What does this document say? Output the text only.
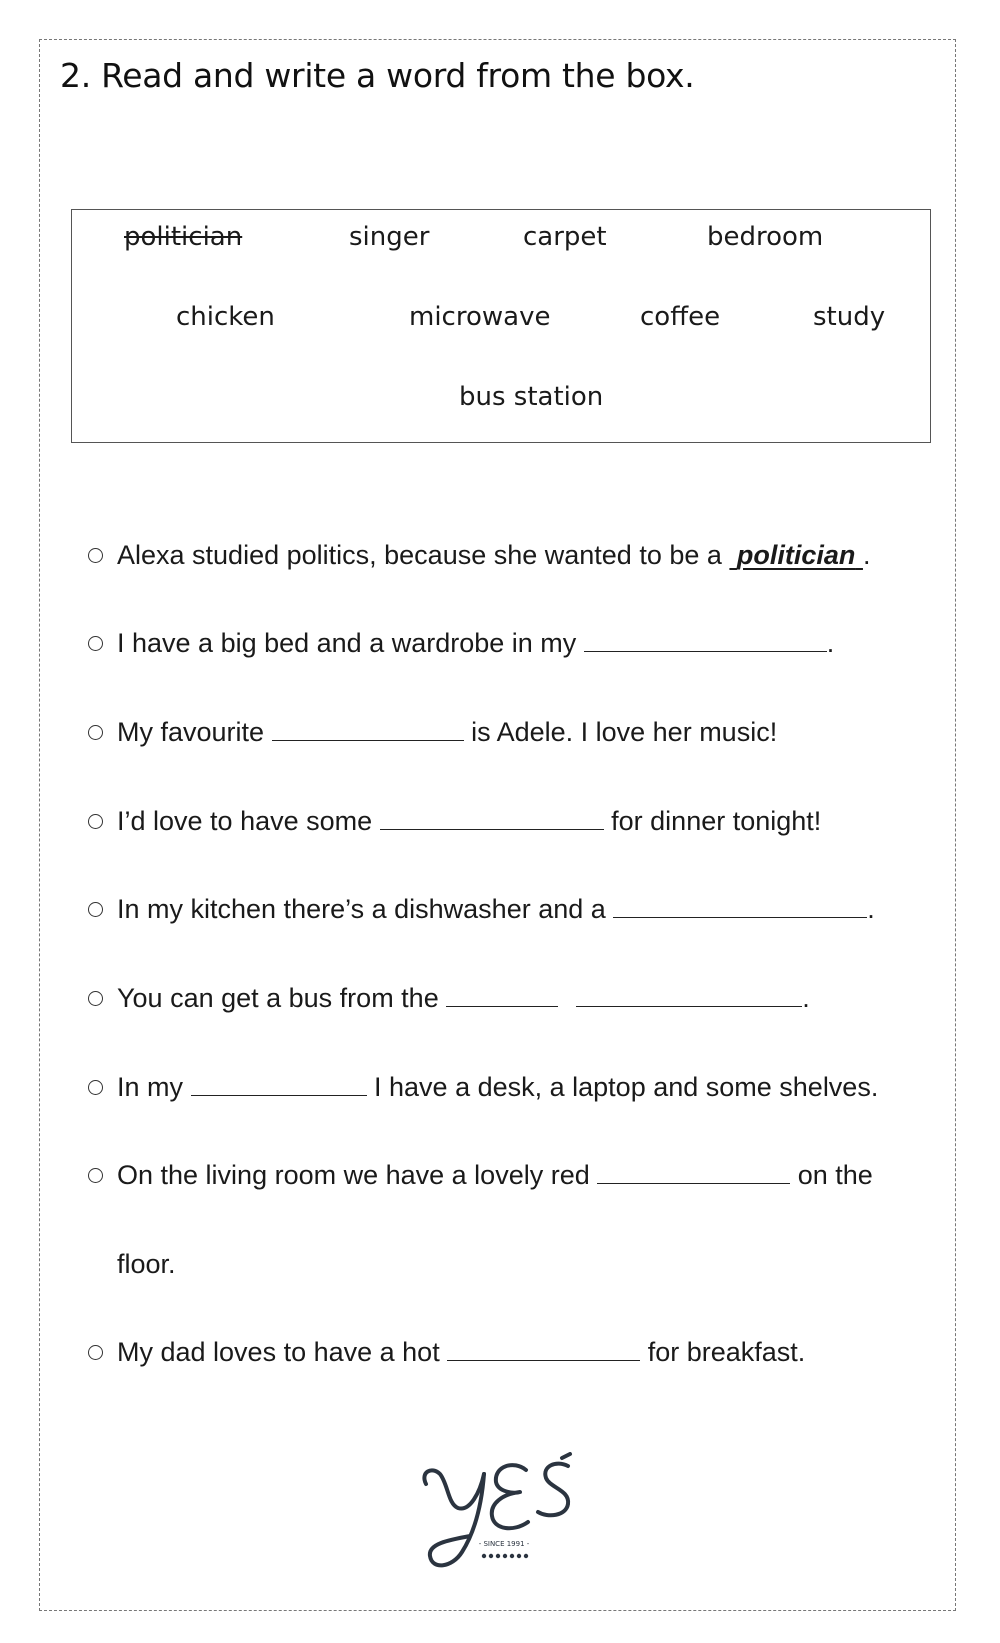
2. Read and write a word from the box.
politician	singer	carpet	bedroom
chicken	microwave	coffee	study
bus station
Alexa studied politics, because she wanted to be a  politician .
I have a big bed and a wardrobe in my	.
My favourite	is Adele. I love her music!
I’d love to have some	for dinner tonight!
In my kitchen there’s a dishwasher and a	.
You can get a bus from the	.
In my	I have a desk, a laptop and some shelves.
On the living room we have a lovely red	on the
floor.
My dad loves to have a hot	for breakfast.
- SINCE 1991 -
